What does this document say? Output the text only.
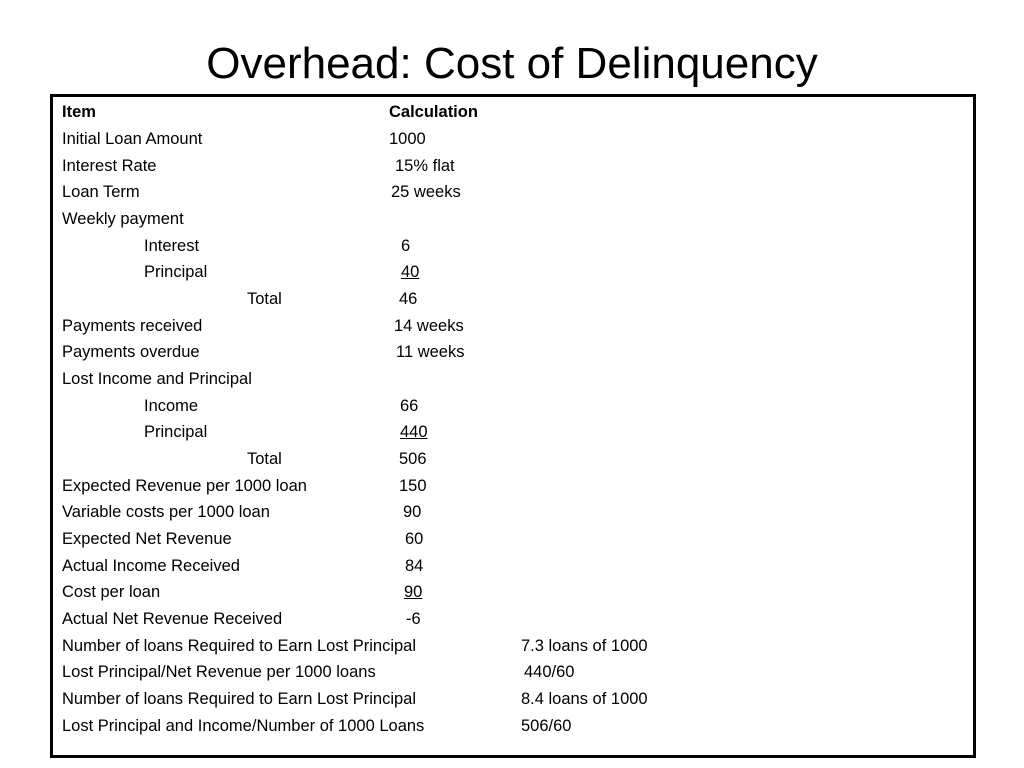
Overhead: Cost of Delinquency
Item	Calculation
Initial Loan Amount	1000
Interest Rate	15% flat
Loan Term	25 weeks
Weekly payment
Interest	6
Principal	40
Total	46
Payments received	14 weeks
Payments overdue	11 weeks
Lost Income and Principal
Income	66
Principal	440
Total	506
Expected Revenue per 1000 loan	150
Variable costs per 1000 loan	90
Expected Net Revenue	60
Actual Income Received	84
Cost per loan	90
Actual Net Revenue Received	-6
Number of loans Required to Earn Lost Principal	7.3 loans of 1000
Lost Principal/Net Revenue per 1000 loans	440/60
Number of loans Required to Earn Lost Principal	8.4 loans of 1000
Lost Principal and Income/Number of 1000 Loans	506/60
